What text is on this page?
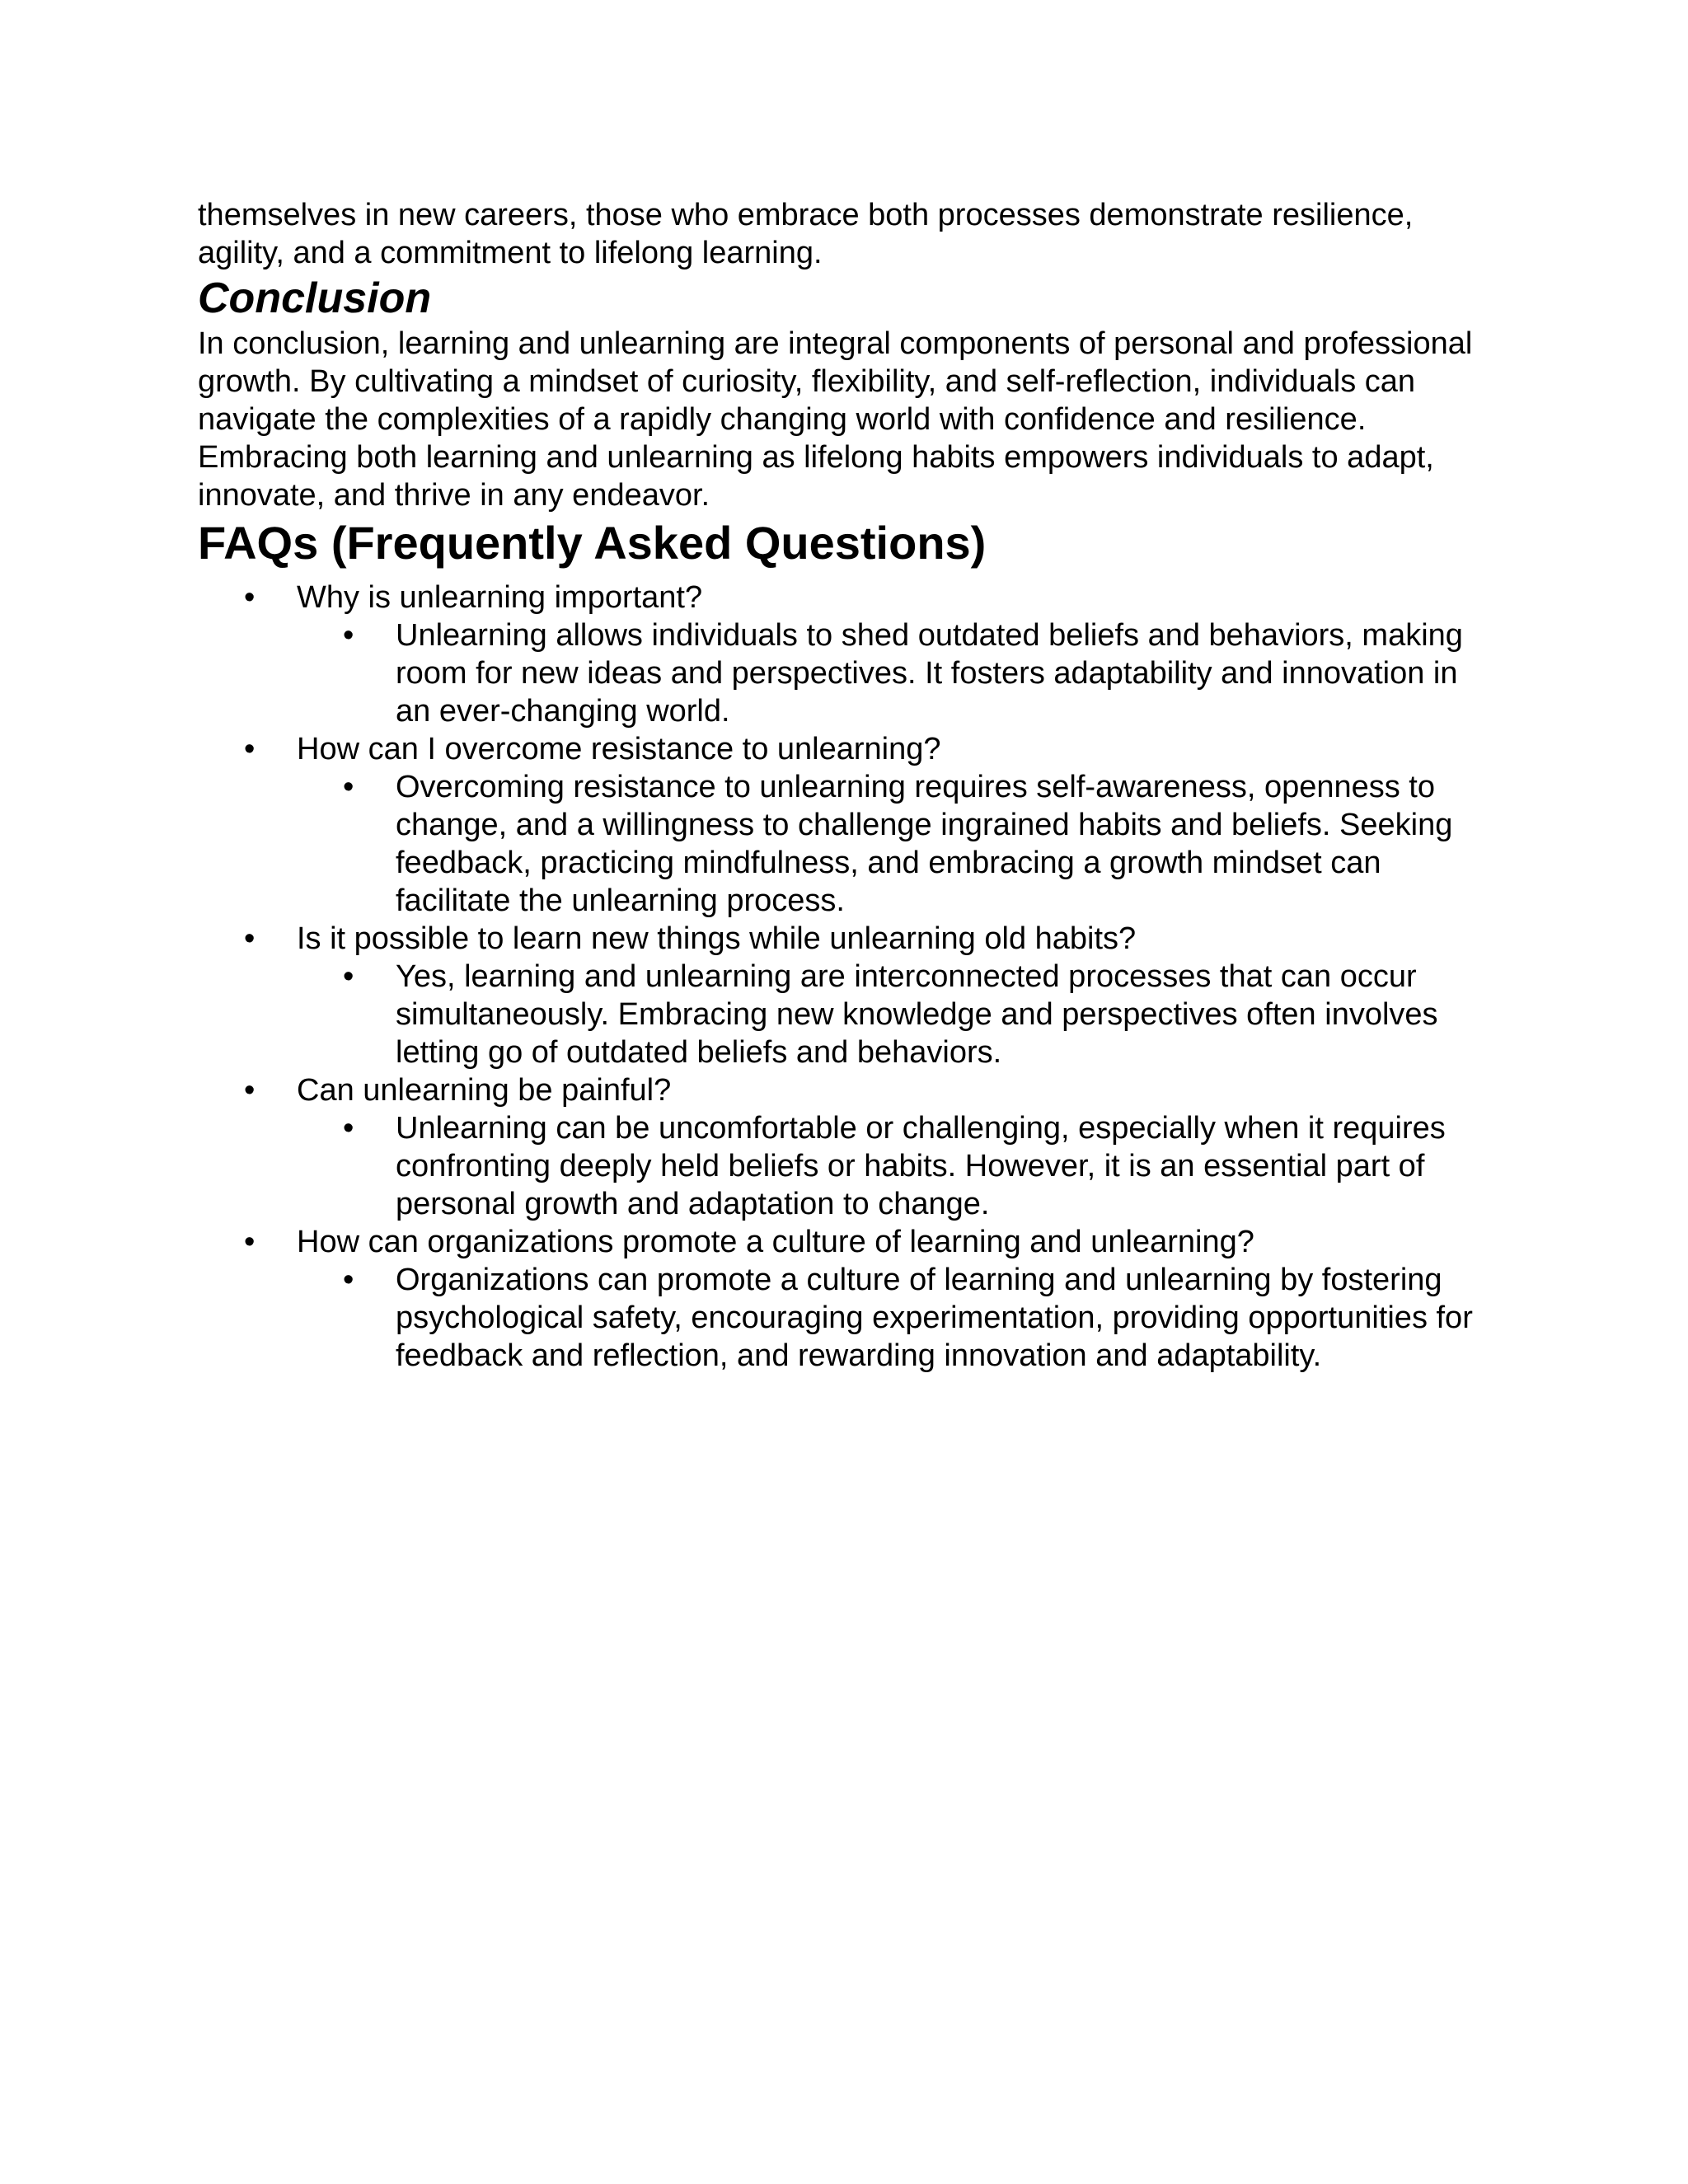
themselves in new careers, those who embrace both processes demonstrate resilience, agility, and a commitment to lifelong learning.

Conclusion

In conclusion, learning and unlearning are integral components of personal and professional growth. By cultivating a mindset of curiosity, flexibility, and self-reflection, individuals can navigate the complexities of a rapidly changing world with confidence and resilience. Embracing both learning and unlearning as lifelong habits empowers individuals to adapt, innovate, and thrive in any endeavor.

FAQs (Frequently Asked Questions)
• Why is unlearning important?
• Unlearning allows individuals to shed outdated beliefs and behaviors, making room for new ideas and perspectives. It fosters adaptability and innovation in an ever-changing world.
• How can I overcome resistance to unlearning?
• Overcoming resistance to unlearning requires self-awareness, openness to change, and a willingness to challenge ingrained habits and beliefs. Seeking feedback, practicing mindfulness, and embracing a growth mindset can facilitate the unlearning process.
• Is it possible to learn new things while unlearning old habits?
• Yes, learning and unlearning are interconnected processes that can occur simultaneously. Embracing new knowledge and perspectives often involves letting go of outdated beliefs and behaviors.
• Can unlearning be painful?
• Unlearning can be uncomfortable or challenging, especially when it requires confronting deeply held beliefs or habits. However, it is an essential part of personal growth and adaptation to change.
• How can organizations promote a culture of learning and unlearning?
• Organizations can promote a culture of learning and unlearning by fostering psychological safety, encouraging experimentation, providing opportunities for feedback and reflection, and rewarding innovation and adaptability.
